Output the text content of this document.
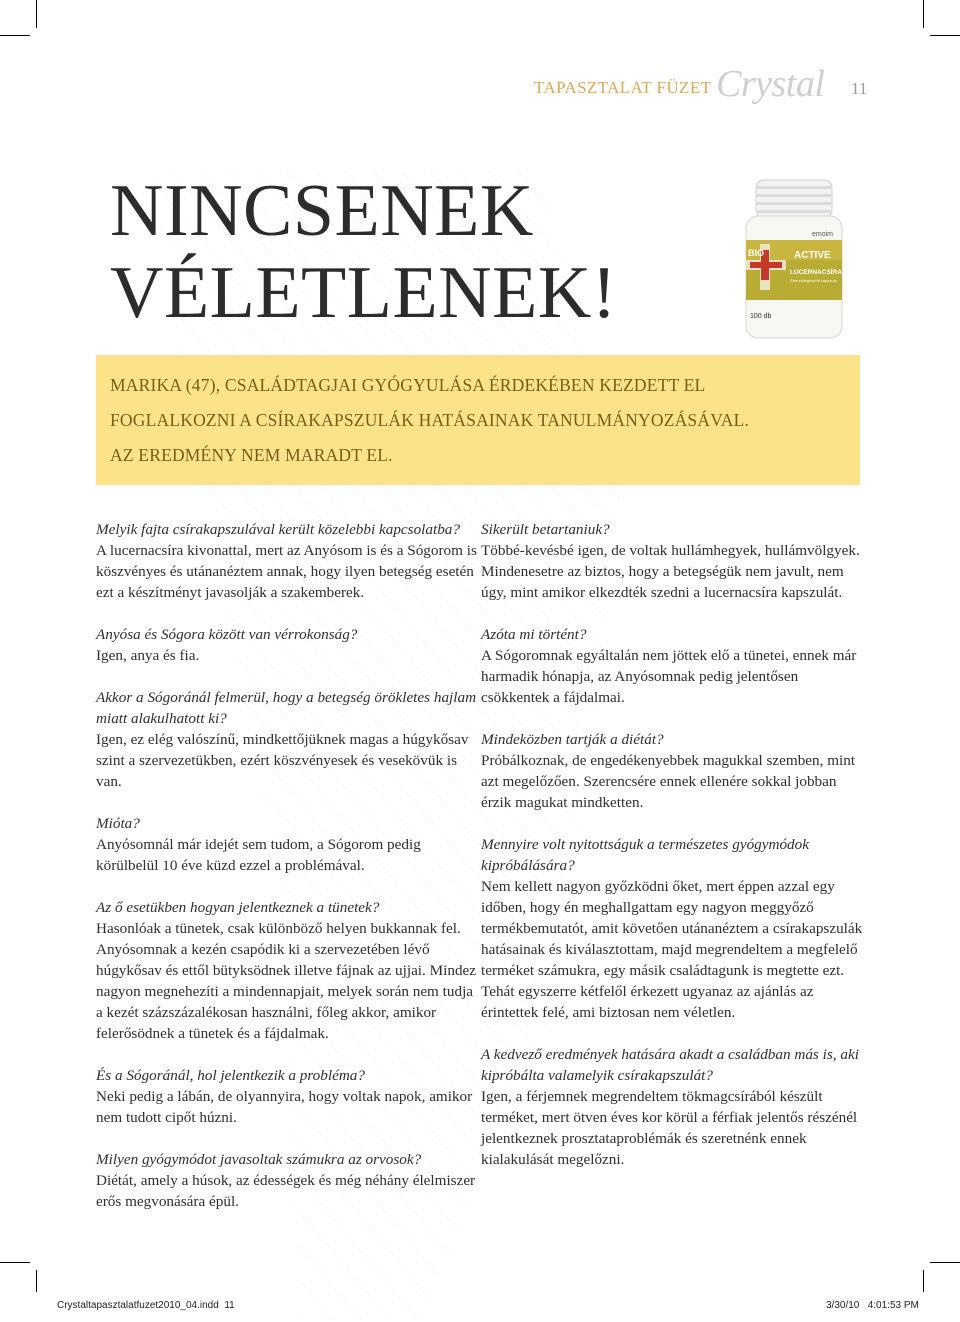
TAPASZTALAT FÜZET Crystal 11
NINCSENEK
VÉLETLENEK!
emoim
BIO	ACTIVE
LUCERNACSÍRA
Étrendkiegészítő kapszula
100 db
MARIKA (47), CSALÁDTAGJAI GYÓGYULÁSA ÉRDEKÉBEN KEZDETT EL
FOGLALKOZNI A CSÍRAKAPSZULÁK HATÁSAINAK TANULMÁNYOZÁSÁVAL.
AZ EREDMÉNY NEM MARADT EL.
Melyik fajta csírakapszulával került közelebbi kapcsolatba?
A lucernacsíra kivonattal, mert az Anyósom is és a Sógorom is köszvényes és utánanéztem annak, hogy ilyen betegség esetén ezt a készítményt javasolják a szakemberek.
Anyósa és Sógora között van vérrokonság?
Igen, anya és fia.
Akkor a Sógoránál felmerül, hogy a betegség örökletes hajlam miatt alakulhatott ki?
Igen, ez elég valószínű, mindkettőjüknek magas a húgykősav szint a szervezetükben, ezért köszvényesek és vesekövük is van.
Mióta?
Anyósomnál már idejét sem tudom, a Sógorom pedig körülbelül 10 éve küzd ezzel a problémával.
Az ő esetükben hogyan jelentkeznek a tünetek?
Hasonlóak a tünetek, csak különböző helyen bukkannak fel. Anyósomnak a kezén csapódik ki a szervezetében lévő húgykősav és ettől bütyksödnek illetve fájnak az ujjai. Mindez nagyon megnehezíti a mindennapjait, melyek során nem tudja a kezét százszázalékosan használni, főleg akkor, amikor felerősödnek a tünetek és a fájdalmak.
És a Sógoránál, hol jelentkezik a probléma?
Neki pedig a lábán, de olyannyira, hogy voltak napok, amikor nem tudott cipőt húzni.
Milyen gyógymódot javasoltak számukra az orvosok?
Diétát, amely a húsok, az édességek és még néhány élelmiszer erős megvonására épül.
Sikerült betartaniuk?
Többé-kevésbé igen, de voltak hullámhegyek, hullámvölgyek. Mindenesetre az biztos, hogy a betegségük nem javult, nem úgy, mint amikor elkezdték szedni a lucernacsíra kapszulát.
Azóta mi történt?
A Sógoromnak egyáltalán nem jöttek elő a tünetei, ennek már harmadik hónapja, az Anyósomnak pedig jelentősen csökkentek a fájdalmai.
Mindeközben tartják a diétát?
Próbálkoznak, de engedékenyebbek magukkal szemben, mint azt megelőzően. Szerencsére ennek ellenére sokkal jobban érzik magukat mindketten.
Mennyire volt nyitottságuk a természetes gyógymódok kipróbálására?
Nem kellett nagyon győzködni őket, mert éppen azzal egy időben, hogy én meghallgattam egy nagyon meggyőző termékbemutatót, amit követően utánanéztem a csírakapszulák hatásainak és kiválasztottam, majd megrendeltem a megfelelő terméket számukra, egy másik családtagunk is megtette ezt. Tehát egyszerre kétfelől érkezett ugyanaz az ajánlás az érintettek felé, ami biztosan nem véletlen.
A kedvező eredmények hatására akadt a családban más is, aki kipróbálta valamelyik csírakapszulát?
Igen, a férjemnek megrendeltem tökmagcsírából készült terméket, mert ötven éves kor körül a férfiak jelentős részénél jelentkeznek prosztataproblémák és szeretnénk ennek kialakulását megelőzni.
Crystaltapasztalatfuzet2010_04.indd 11	3/30/10 4:01:53 PM
